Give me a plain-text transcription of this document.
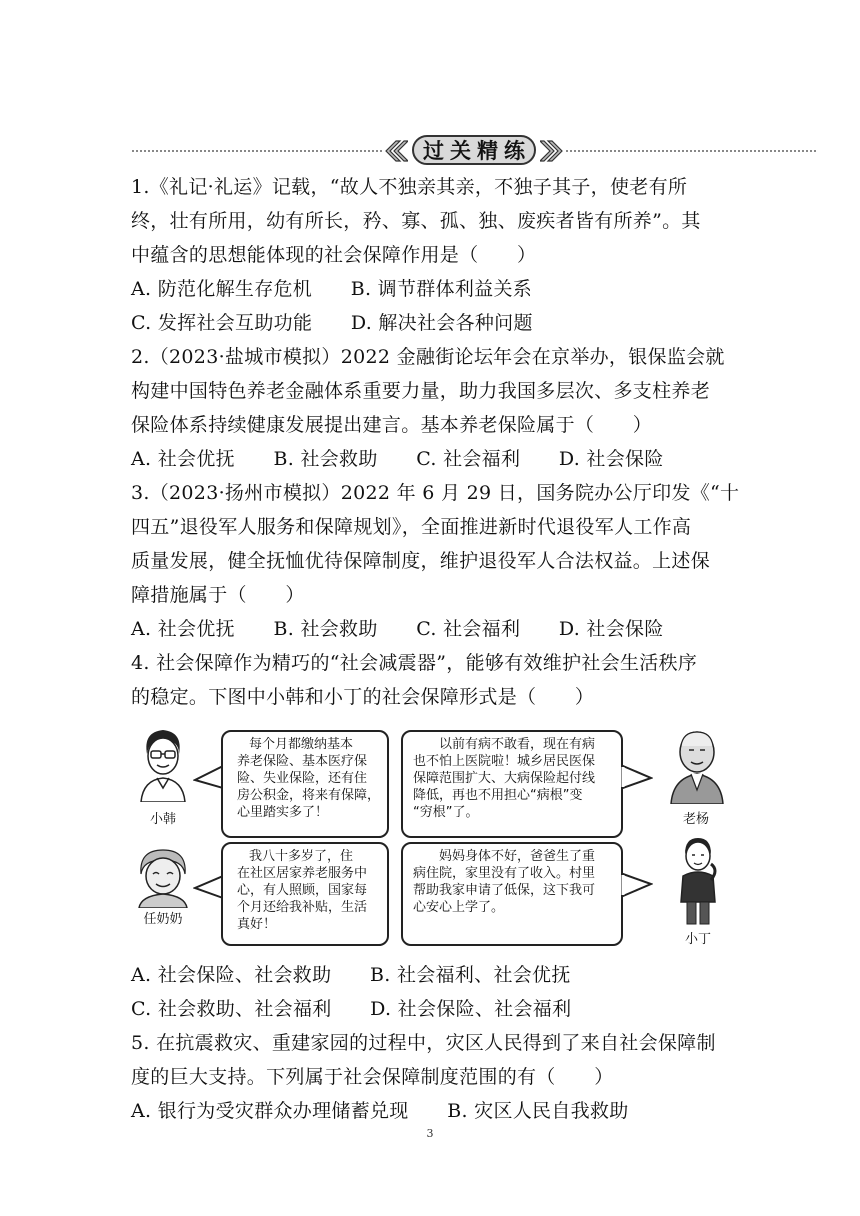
过关精练
1.《礼记·礼运》记载，“故人不独亲其亲，不独子其子，使老有所
终，壮有所用，幼有所长，矜、寡、孤、独、废疾者皆有所养”。其
中蕴含的思想能体现的社会保障作用是（　　）
A. 防范化解生存危机　　B. 调节群体利益关系
C. 发挥社会互助功能　　D. 解决社会各种问题
2.（2023·盐城市模拟）2022 金融街论坛年会在京举办，银保监会就
构建中国特色养老金融体系重要力量，助力我国多层次、多支柱养老
保险体系持续健康发展提出建言。基本养老保险属于（　　）
A. 社会优抚　　B. 社会救助　　C. 社会福利　　D. 社会保险
3.（2023·扬州市模拟）2022 年 6 月 29 日，国务院办公厅印发《“十
四五”退役军人服务和保障规划》，全面推进新时代退役军人工作高
质量发展，健全抚恤优待保障制度，维护退役军人合法权益。上述保
障措施属于（　　）
A. 社会优抚　　B. 社会救助　　C. 社会福利　　D. 社会保险
4. 社会保障作为精巧的“社会减震器”，能够有效维护社会生活秩序
的稳定。下图中小韩和小丁的社会保障形式是（　　）
小韩
每个月都缴纳基本
养老保险、基本医疗保
险、失业保险，还有住
房公积金，将来有保障，
心里踏实多了！
以前有病不敢看，现在有病
也不怕上医院啦！城乡居民医保
保障范围扩大、大病保险起付线
降低，再也不用担心“病根”变
“穷根”了。	老杨
任奶奶
我八十多岁了，住
在社区居家养老服务中
心，有人照顾，国家每
个月还给我补贴，生活
真好！
妈妈身体不好，爸爸生了重
病住院，家里没有了收入。村里
帮助我家申请了低保，这下我可
心安心上学了。
小丁
A. 社会保险、社会救助　　B. 社会福利、社会优抚
C. 社会救助、社会福利　　D. 社会保险、社会福利
5. 在抗震救灾、重建家园的过程中，灾区人民得到了来自社会保障制
度的巨大支持。下列属于社会保障制度范围的有（　　）
A. 银行为受灾群众办理储蓄兑现　　B. 灾区人民自我救助
3
